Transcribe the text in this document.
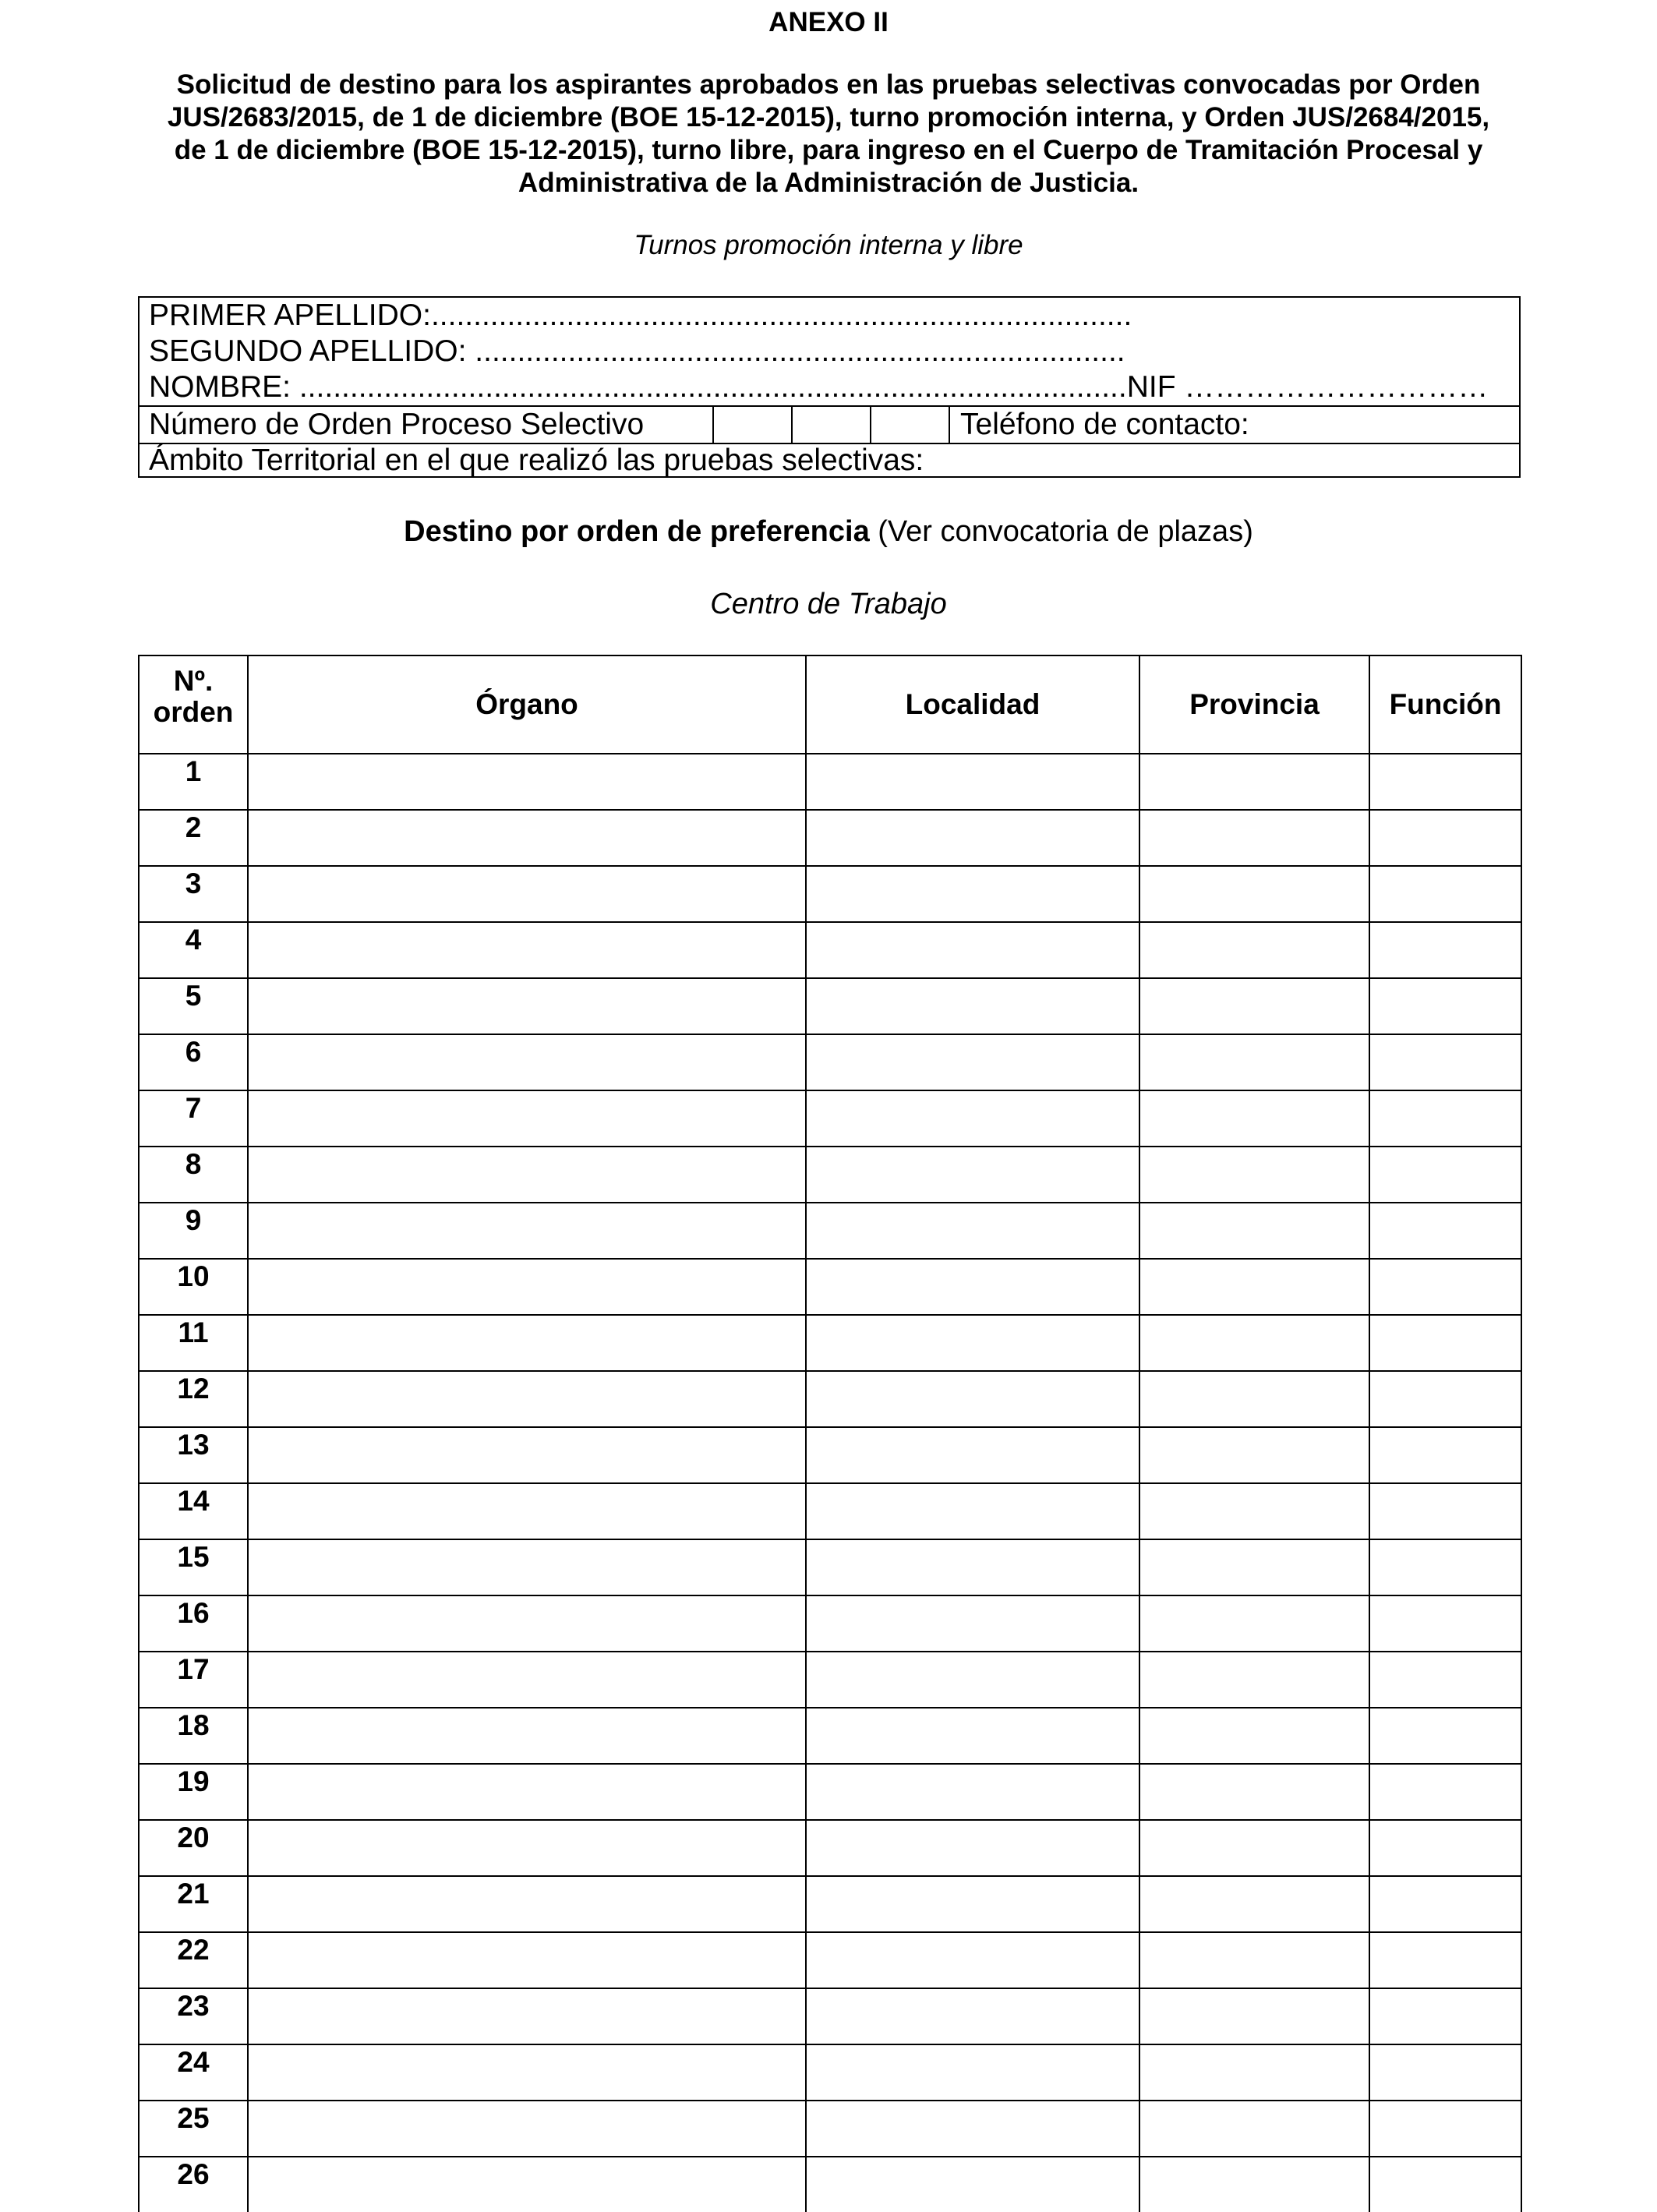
ANEXO II
Solicitud de destino para los aspirantes aprobados en las pruebas selectivas convocadas por Orden
JUS/2683/2015, de 1 de diciembre (BOE 15-12-2015), turno promoción interna, y Orden JUS/2684/2015,
de 1 de diciembre (BOE 15-12-2015), turno libre, para ingreso en el Cuerpo de Tramitación Procesal y
Administrativa de la Administración de Justicia.
Turnos promoción interna y libre
PRIMER APELLIDO:...................................................................................
SEGUNDO APELLIDO: .............................................................................
NOMBRE: ..................................................................................................NIF …………………………
Número de Orden Proceso Selectivo	Teléfono de contacto:
Ámbito Territorial en el que realizó las pruebas selectivas:
Destino por orden de preferencia (Ver convocatoria de plazas)
Centro de Trabajo
Nº.
orden	Órgano	Localidad	Provincia	Función
1				
2				
3				
4				
5				
6				
7				
8				
9				
10				
11				
12				
13				
14				
15				
16				
17				
18				
19				
20				
21				
22				
23				
24				
25				
26				
